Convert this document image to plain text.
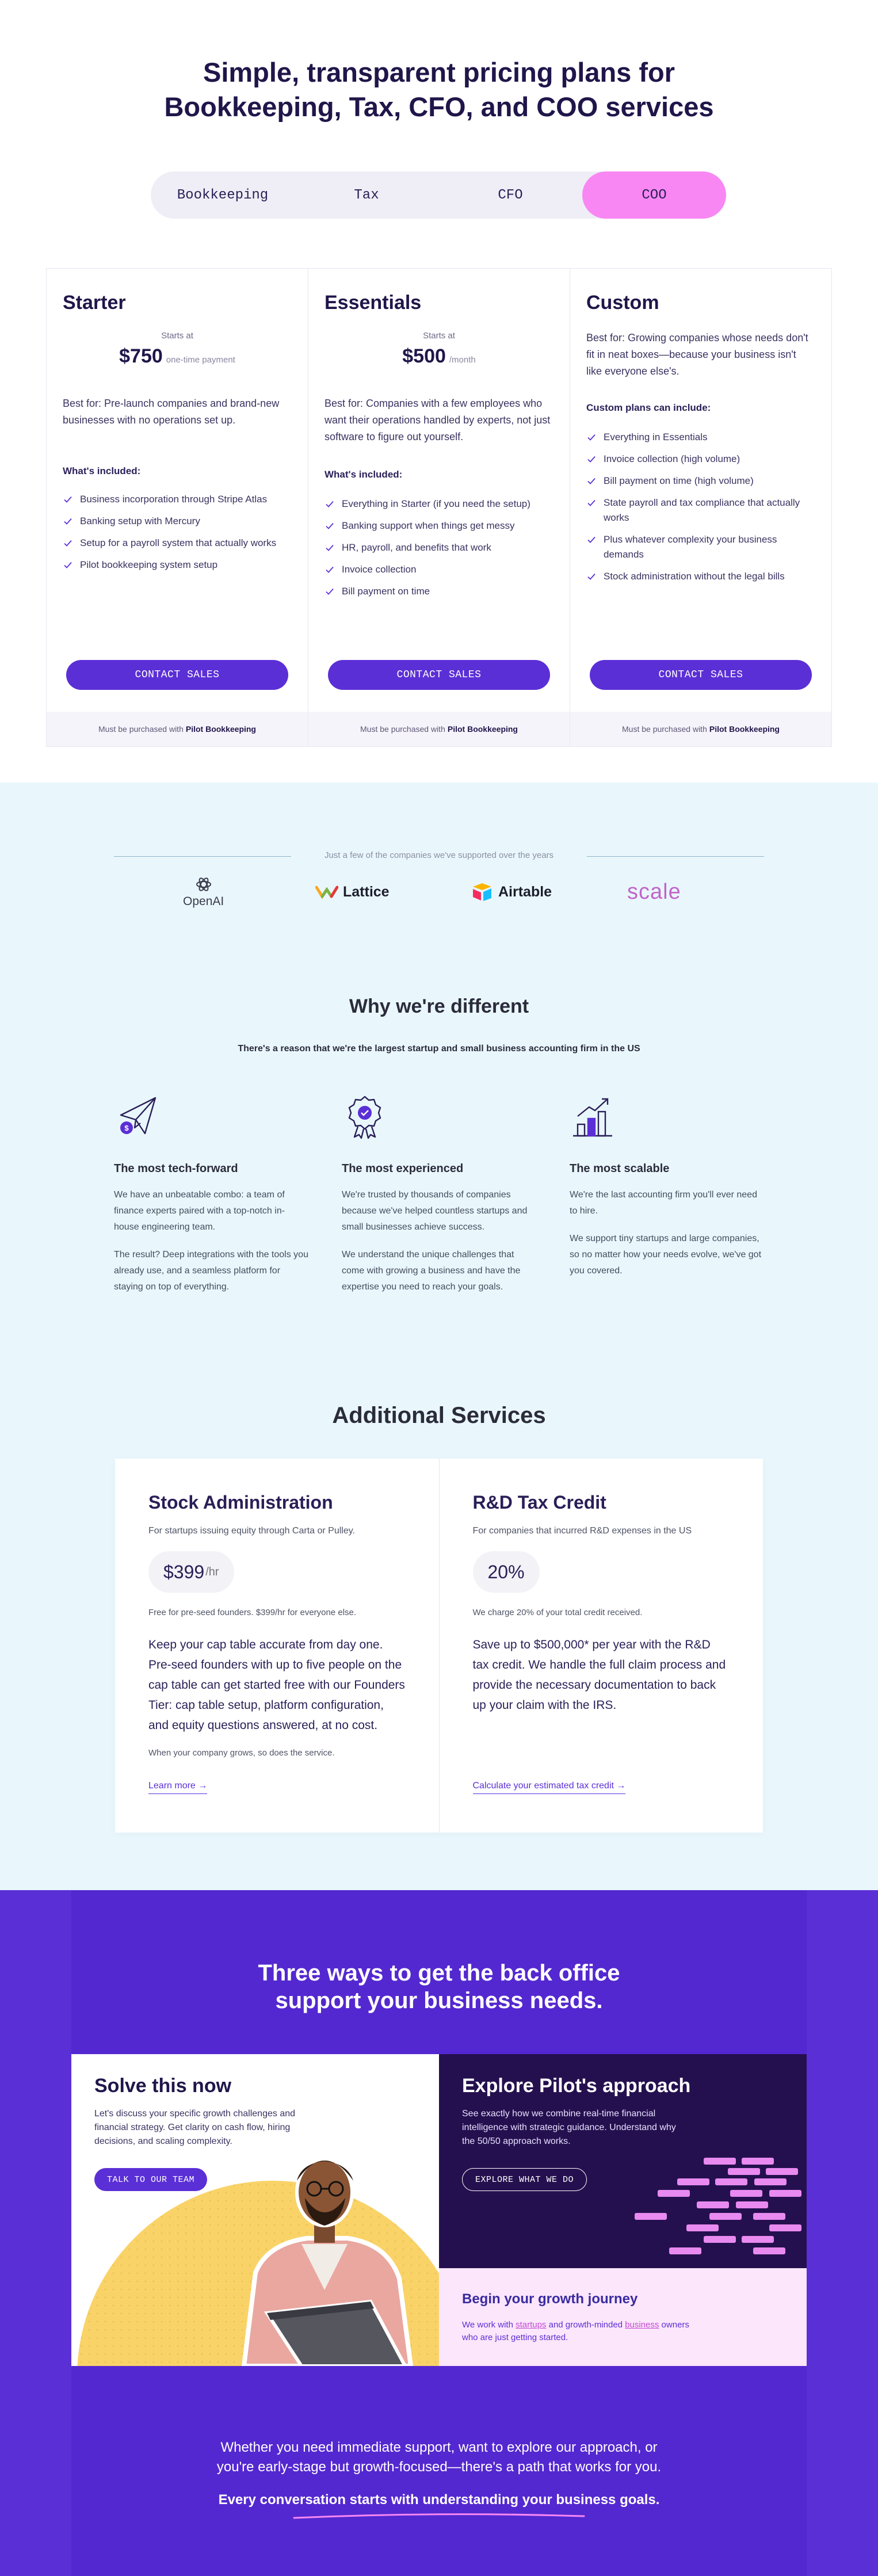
Simple, transparent pricing plans for
Bookkeeping, Tax, CFO, and COO services
Bookkeeping	Tax	CFO	COO
Starter
Starts at
$750 one-time payment

Best for: Pre-launch companies and brand-new businesses with no operations set up.

What's included:
Business incorporation through Stripe Atlas
Banking setup with Mercury
Setup for a payroll system that actually works
Pilot bookkeeping system setup
CONTACT SALES
Must be purchased with Pilot Bookkeeping
Essentials
Starts at
$500 /month

Best for: Companies with a few employees who want their operations handled by experts, not just software to figure out yourself.

What's included:
Everything in Starter (if you need the setup)
Banking support when things get messy
HR, payroll, and benefits that work
Invoice collection
Bill payment on time
CONTACT SALES
Must be purchased with Pilot Bookkeeping
Custom

Best for: Growing companies whose needs don't fit in neat boxes—because your business isn't like everyone else's.

Custom plans can include:
Everything in Essentials
Invoice collection (high volume)
Bill payment on time (high volume)
State payroll and tax compliance that actually works
Plus whatever complexity your business demands
Stock administration without the legal bills
CONTACT SALES
Must be purchased with Pilot Bookkeeping
Just a few of the companies we've supported over the years
OpenAI
Lattice	Airtable	scale
Why we're different

There's a reason that we're the largest startup and small business accounting firm in the US

$
The most tech-forward

We have an unbeatable combo: a team of finance experts paired with a top-notch in-house engineering team.

The result? Deep integrations with the tools you already use, and a seamless platform for staying on top of everything.

The most experienced

We're trusted by thousands of companies because we've helped countless startups and small businesses achieve success.

We understand the unique challenges that come with growing a business and have the expertise you need to reach your goals.

The most scalable

We're the last accounting firm you'll ever need to hire.

We support tiny startups and large companies, so no matter how your needs evolve, we've got you covered.

Additional Services
Stock Administration
For startups issuing equity through Carta or Pulley.
$399 /hr
Free for pre-seed founders. $399/hr for everyone else.

Keep your cap table accurate from day one. Pre-seed founders with up to five people on the cap table can get started free with our Founders Tier: cap table setup, platform configuration, and equity questions answered, at no cost.

When your company grows, so does the service.
Learn more →
R&D Tax Credit
For companies that incurred R&D expenses in the US
20%
We charge 20% of your total credit received.

Save up to $500,000* per year with the R&D tax credit. We handle the full claim process and provide the necessary documentation to back up your claim with the IRS.

Calculate your estimated tax credit →
Three ways to get the back office
support your business needs.
Solve this now

Let's discuss your specific growth challenges and financial strategy. Get clarity on cash flow, hiring decisions, and scaling complexity.

TALK TO OUR TEAM
Explore Pilot's approach

See exactly how we combine real-time financial intelligence with strategic guidance. Understand why the 50/50 approach works.

EXPLORE WHAT WE DO
Begin your growth journey

We work with startups and growth-minded business owners
who are just getting started.

Whether you need immediate support, want to explore our approach, or
you're early-stage but growth-focused—there's a path that works for you.

Every conversation starts with understanding your business goals.
